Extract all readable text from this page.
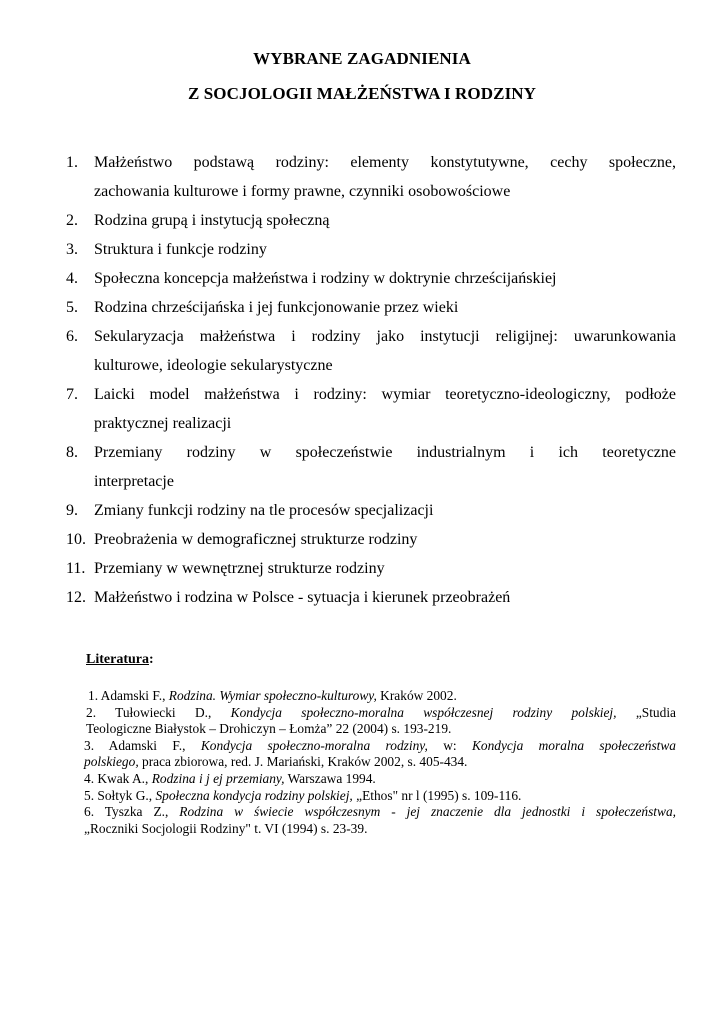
WYBRANE ZAGADNIENIA
Z SOCJOLOGII MAŁŻEŃSTWA I RODZINY
1.	Małżeństwo podstawą rodziny: elementy konstytutywne, cechy społeczne,
zachowania kulturowe i formy prawne, czynniki osobowościowe
2.	Rodzina grupą i instytucją społeczną
3.	Struktura i funkcje rodziny
4.	Społeczna koncepcja małżeństwa i rodziny w doktrynie chrześcijańskiej
5.	Rodzina chrześcijańska i jej funkcjonowanie przez wieki
6.	Sekularyzacja małżeństwa i rodziny jako instytucji religijnej: uwarunkowania
kulturowe, ideologie sekularystyczne
7.	Laicki model małżeństwa i rodziny: wymiar teoretyczno-ideologiczny, podłoże
praktycznej realizacji
8.	Przemiany rodziny w społeczeństwie industrialnym i ich teoretyczne
interpretacje
9.	Zmiany funkcji rodziny na tle procesów specjalizacji
10. Preobrażenia w demograficznej strukturze rodziny
11. Przemiany w wewnętrznej strukturze rodziny
12. Małżeństwo i rodzina w Polsce - sytuacja i kierunek przeobrażeń
Literatura:
1. Adamski F., Rodzina. Wymiar społeczno-kulturowy, Kraków 2002.
2. Tułowiecki D., Kondycja społeczno-moralna współczesnej rodziny polskiej, „Studia
Teologiczne Białystok – Drohiczyn – Łomża” 22 (2004) s. 193-219.
3. Adamski F., Kondycja społeczno-moralna rodziny, w: Kondycja moralna społeczeństwa
polskiego, praca zbiorowa, red. J. Mariański, Kraków 2002, s. 405-434.
4. Kwak A., Rodzina i j ej przemiany, Warszawa 1994.
5. Sołtyk G., Społeczna kondycja rodziny polskiej, „Ethos" nr l (1995) s. 109-116.
6. Tyszka Z., Rodzina w świecie współczesnym - jej znaczenie dla jednostki i społeczeństwa,
„Roczniki Socjologii Rodziny" t. VI (1994) s. 23-39.
